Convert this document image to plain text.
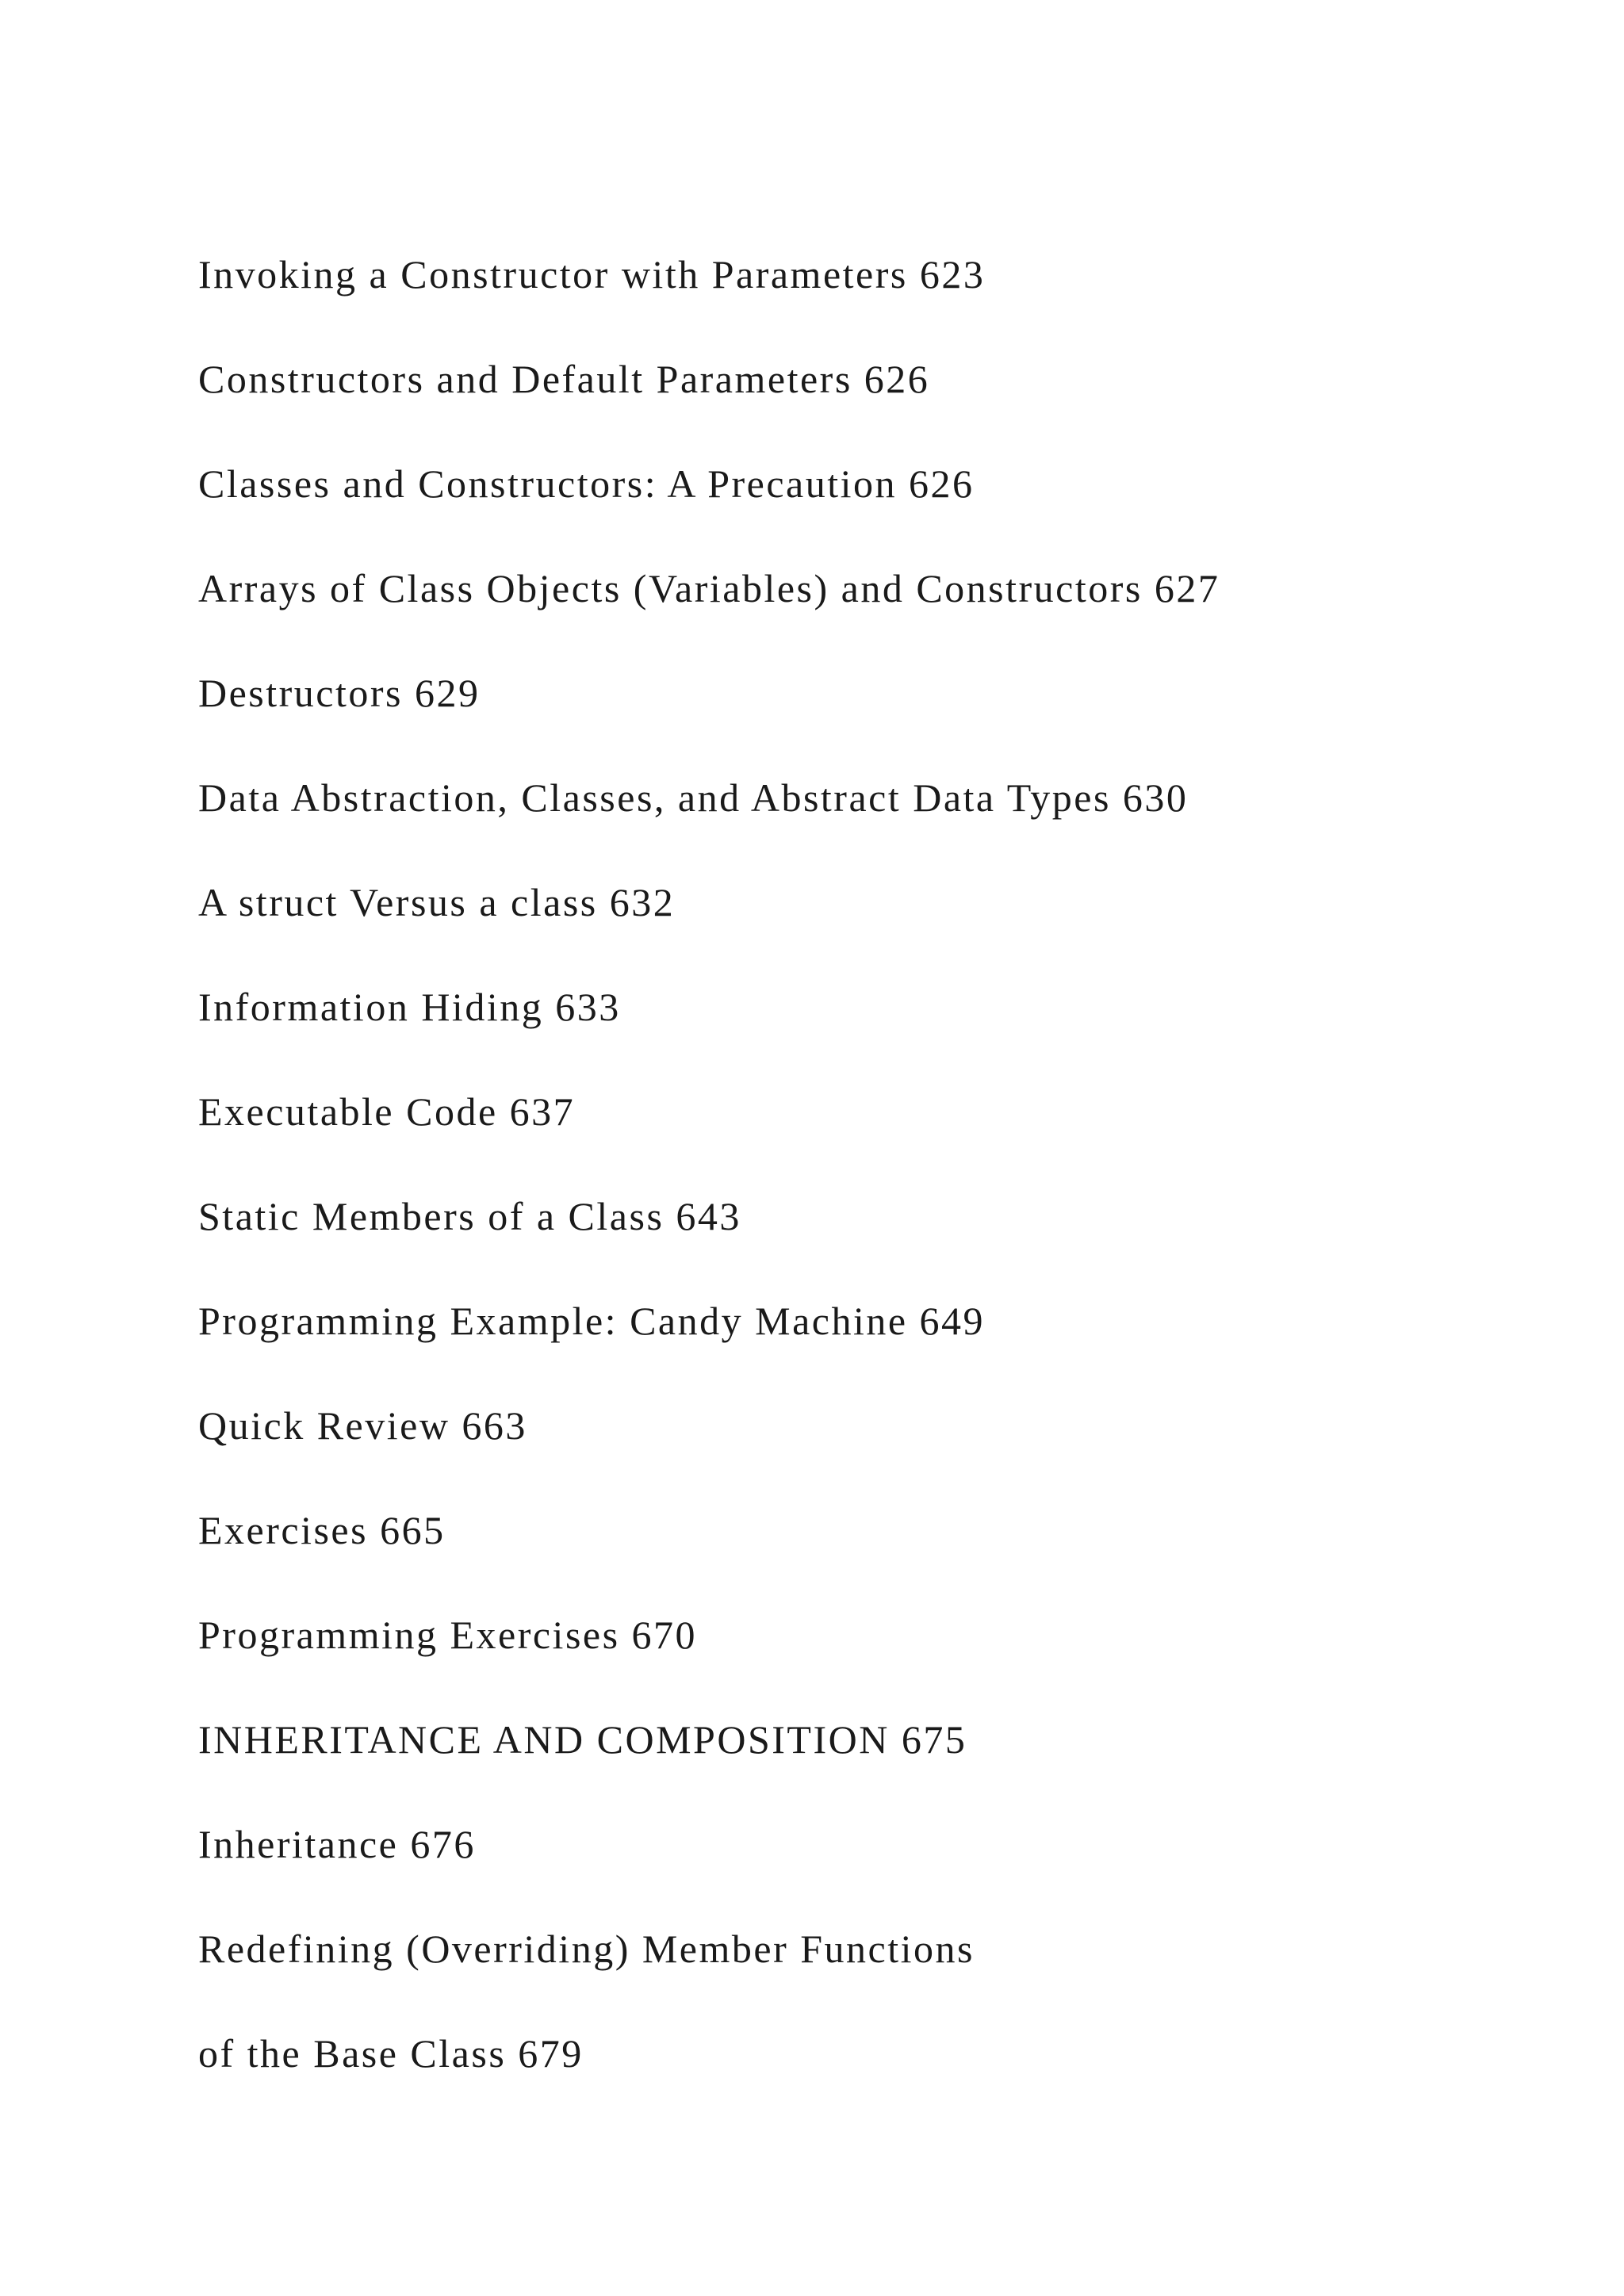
Invoking a Constructor with Parameters 623
Constructors and Default Parameters 626
Classes and Constructors: A Precaution 626
Arrays of Class Objects (Variables) and Constructors 627
Destructors 629
Data Abstraction, Classes, and Abstract Data Types 630
A struct Versus a class 632
Information Hiding 633
Executable Code 637
Static Members of a Class 643
Programming Example: Candy Machine 649
Quick Review 663
Exercises 665
Programming Exercises 670
INHERITANCE AND COMPOSITION 675
Inheritance 676
Redefining (Overriding) Member Functions
of the Base Class 679
